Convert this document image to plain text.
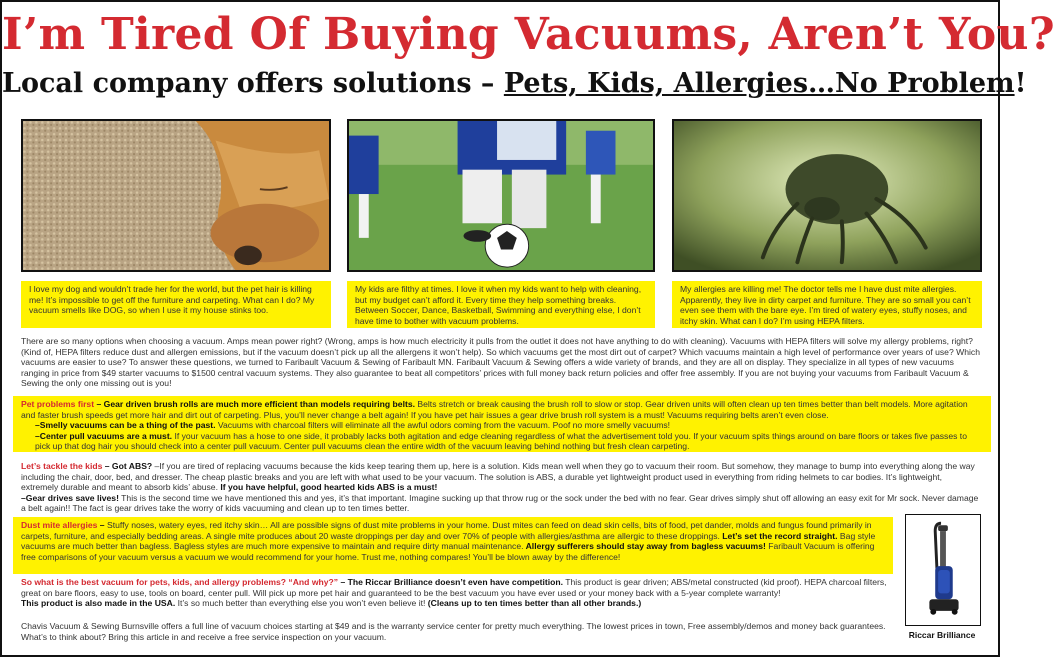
I’m Tired Of Buying Vacuums, Aren’t You?
Local company offers solutions – Pets, Kids, Allergies…No Problem!
I love my dog and wouldn’t trade her for the world, but the pet hair is killing me! It’s impossible to get off the furniture and carpeting. What can I do? My vacuum smells like DOG, so when I use it my house stinks too.
My kids are filthy at times. I love it when my kids want to help with cleaning, but my budget can’t afford it. Every time they help something breaks. Between Soccer, Dance, Basketball, Swimming and everything else, I don’t have time to bother with vacuum problems.
My allergies are killing me! The doctor tells me I have dust mite allergies. Apparently, they live in dirty carpet and furniture. They are so small you can’t even see them with the bare eye. I’m tired of watery eyes, stuffy noses, and itchy skin. What can I do? I’m using HEPA filters.

There are so many options when choosing a vacuum. Amps mean power right? (Wrong, amps is how much electricity it pulls from the outlet it does not have anything to do with cleaning). Vacuums with HEPA filters will solve my allergy problems, right? (Kind of, HEPA filters reduce dust and allergen emissions, but if the vacuum doesn’t pick up all the allergens it won’t help). So which vacuums get the most dirt out of carpet? Which vacuums maintain a high level of performance over years of use? Which vacuums are easier to use? To answer these questions, we turned to Faribault Vacuum & Sewing of Faribault MN. Faribault Vacuum & Sewing offers a wide variety of brands, and they are all on display. They specialize in all types of new vacuums ranging in price from $49 starter vacuums to $1500 central vacuum systems. They also guarantee to beat all competitors’ prices with full money back return policies and offer free assembly. If you are not buying your vacuums from Faribault Vacuum & Sewing the only one missing out is you!

Pet problems first – Gear driven brush rolls are much more efficient than models requiring belts. Belts stretch or break causing the brush roll to slow or stop. Gear driven units will often clean up ten times better than belt models. More agitation and faster brush speeds get more hair and dirt out of carpeting. Plus, you’ll never change a belt again! If you have pet hair issues a gear drive brush roll system is a must! Vacuums requiring belts aren’t even close.

–Smelly vacuums can be a thing of the past. Vacuums with charcoal filters will eliminate all the awful odors coming from the vacuum. Poof no more smelly vacuums!

–Center pull vacuums are a must. If your vacuum has a hose to one side, it probably lacks both agitation and edge cleaning regardless of what the advertisement told you. If your vacuum spits things around on bare floors or takes five passes to pick up that dog hair you should check into a center pull vacuum. Center pull vacuums clean the entire width of the vacuum leaving behind nothing but fresh clean carpeting.

Let’s tackle the kids – Got ABS? –If you are tired of replacing vacuums because the kids keep tearing them up, here is a solution. Kids mean well when they go to vacuum their room. But somehow, they manage to bump into everything along the way including the chair, door, bed, and dresser. The cheap plastic breaks and you are left with what used to be your vacuum. The solution is ABS, a durable yet lightweight product used in everything from riding helmets to car bodies. It’s lightweight, extremely durable and meant to absorb kids’ abuse. If you have helpful, good hearted kids ABS is a must!

–Gear drives save lives! This is the second time we have mentioned this and yes, it’s that important. Imagine sucking up that throw rug or the sock under the bed with no fear. Gear drives simply shut off allowing an easy exit for Mr sock. Never damage a belt again!! The fact is gear drives take the worry of kids vacuuming and clean up to ten times better.

Dust mite allergies – Stuffy noses, watery eyes, red itchy skin… All are possible signs of dust mite problems in your home. Dust mites can feed on dead skin cells, bits of food, pet dander, molds and fungus found primarily in carpets, furniture, and especially bedding areas. A single mite produces about 20 waste droppings per day and over 70% of people with allergies/asthma are allergic to these droppings. Let’s set the record straight. Bag style vacuums are much better than bagless. Bagless styles are much more expensive to maintain and require dirty manual maintenance. Allergy sufferers should stay away from bagless vacuums! Faribault Vacuum is offering free comparisons of your vacuum versus a vacuum we would recommend for your home. Trust me, nothing compares! You’ll be blown away by the difference!

So what is the best vacuum for pets, kids, and allergy problems? “And why?” – The Riccar Brilliance doesn’t even have competition. This product is gear driven; ABS/metal constructed (kid proof). HEPA charcoal filters, great on bare floors, easy to use, tools on board, center pull. Will pick up more pet hair and guaranteed to be the best vacuum you have ever used or your money back with a 5-year complete warranty!

This product is also made in the USA. It’s so much better than everything else you won’t even believe it! (Cleans up to ten times better than all other brands.)

Chavis Vacuum & Sewing Burnsville offers a full line of vacuum choices starting at $49 and is the warranty service center for pretty much everything. The lowest prices in town, Free assembly/demos and money back guarantees. What’s to think about? Bring this article in and receive a free service inspection on your vacuum.	Riccar Brilliance
